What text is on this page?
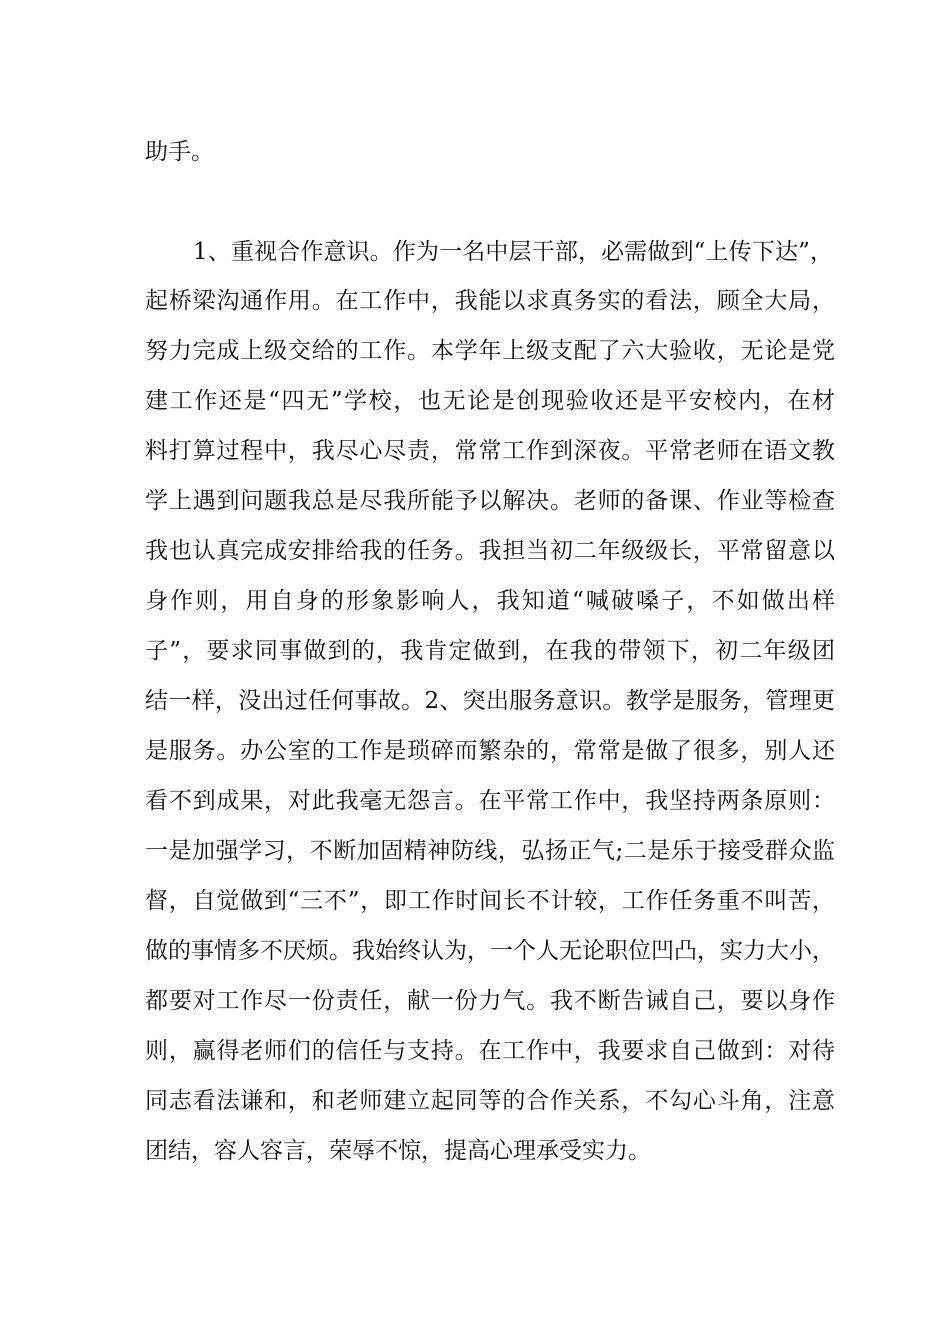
助手。
1、重视合作意识。作为一名中层干部，必需做到“上传下达”，
起桥梁沟通作用。在工作中，我能以求真务实的看法，顾全大局，
努力完成上级交给的工作。本学年上级支配了六大验收，无论是党
建工作还是“四无”学校，也无论是创现验收还是平安校内，在材
料打算过程中，我尽心尽责，常常工作到深夜。平常老师在语文教
学上遇到问题我总是尽我所能予以解决。老师的备课、作业等检查
我也认真完成安排给我的任务。我担当初二年级级长，平常留意以
身作则，用自身的形象影响人，我知道“喊破嗓子，不如做出样
子”，要求同事做到的，我肯定做到，在我的带领下，初二年级团
结一样，没出过任何事故。2、突出服务意识。教学是服务，管理更
是服务。办公室的工作是琐碎而繁杂的，常常是做了很多，别人还
看不到成果，对此我毫无怨言。在平常工作中，我坚持两条原则：
一是加强学习，不断加固精神防线，弘扬正气;二是乐于接受群众监
督，自觉做到“三不”，即工作时间长不计较，工作任务重不叫苦，
做的事情多不厌烦。我始终认为，一个人无论职位凹凸，实力大小，
都要对工作尽一份责任，献一份力气。我不断告诫自己，要以身作
则，赢得老师们的信任与支持。在工作中，我要求自己做到：对待
同志看法谦和，和老师建立起同等的合作关系，不勾心斗角，注意
团结，容人容言，荣辱不惊，提高心理承受实力。
